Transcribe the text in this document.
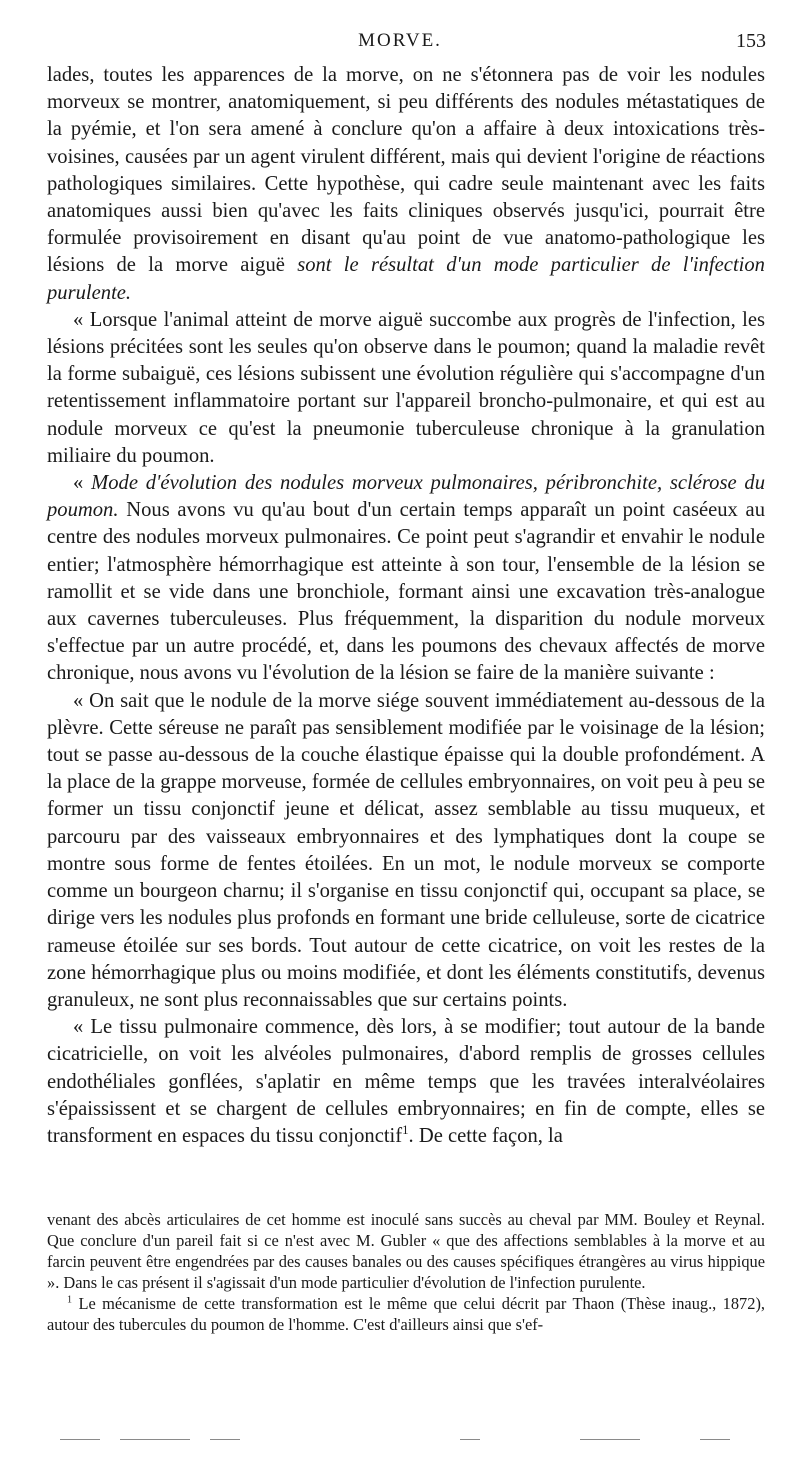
MORVE.	153

lades, toutes les apparences de la morve, on ne s'étonnera pas de voir les nodules morveux se montrer, anatomiquement, si peu différents des nodules métastatiques de la pyémie, et l'on sera amené à conclure qu'on a affaire à deux intoxications très-voisines, causées par un agent virulent différent, mais qui devient l'origine de réactions pathologiques similaires. Cette hypothèse, qui cadre seule maintenant avec les faits anatomiques aussi bien qu'avec les faits cliniques observés jusqu'ici, pourrait être formulée provisoirement en disant qu'au point de vue anatomo-pathologique les lésions de la morve aiguë sont le résultat d'un mode particulier de l'infection purulente.

« Lorsque l'animal atteint de morve aiguë succombe aux progrès de l'infection, les lésions précitées sont les seules qu'on observe dans le poumon; quand la maladie revêt la forme subaiguë, ces lésions subissent une évolution régulière qui s'accompagne d'un retentissement inflammatoire portant sur l'appareil broncho-pulmonaire, et qui est au nodule morveux ce qu'est la pneumonie tuberculeuse chronique à la granulation miliaire du poumon.

« Mode d'évolution des nodules morveux pulmonaires, péribronchite, sclérose du poumon. Nous avons vu qu'au bout d'un certain temps apparaît un point caséeux au centre des nodules morveux pulmonaires. Ce point peut s'agrandir et envahir le nodule entier; l'atmosphère hémorrhagique est atteinte à son tour, l'ensemble de la lésion se ramollit et se vide dans une bronchiole, formant ainsi une excavation très-analogue aux cavernes tuberculeuses. Plus fréquemment, la disparition du nodule morveux s'effectue par un autre procédé, et, dans les poumons des chevaux affectés de morve chronique, nous avons vu l'évolution de la lésion se faire de la manière suivante :

« On sait que le nodule de la morve siége souvent immédiatement au-dessous de la plèvre. Cette séreuse ne paraît pas sensiblement modifiée par le voisinage de la lésion; tout se passe au-dessous de la couche élastique épaisse qui la double profondément. A la place de la grappe morveuse, formée de cellules embryonnaires, on voit peu à peu se former un tissu conjonctif jeune et délicat, assez semblable au tissu muqueux, et parcouru par des vaisseaux embryonnaires et des lymphatiques dont la coupe se montre sous forme de fentes étoilées. En un mot, le nodule morveux se comporte comme un bourgeon charnu; il s'organise en tissu conjonctif qui, occupant sa place, se dirige vers les nodules plus profonds en formant une bride celluleuse, sorte de cicatrice rameuse étoilée sur ses bords. Tout autour de cette cicatrice, on voit les restes de la zone hémorrhagique plus ou moins modifiée, et dont les éléments constitutifs, devenus granuleux, ne sont plus reconnaissables que sur certains points.

« Le tissu pulmonaire commence, dès lors, à se modifier; tout autour de la bande cicatricielle, on voit les alvéoles pulmonaires, d'abord remplis de grosses cellules endothéliales gonflées, s'aplatir en même temps que les travées interalvéolaires s'épaississent et se chargent de cellules embryonnaires; en fin de compte, elles se transforment en espaces du tissu conjonctif$^1$. De cette façon, la

venant des abcès articulaires de cet homme est inoculé sans succès au cheval par MM. Bouley et Reynal. Que conclure d'un pareil fait si ce n'est avec M. Gubler « que des affections semblables à la morve et au farcin peuvent être engendrées par des causes banales ou des causes spécifiques étrangères au virus hippique ». Dans le cas présent il s'agissait d'un mode particulier d'évolution de l'infection purulente.

$^1$ Le mécanisme de cette transformation est le même que celui décrit par Thaon (Thèse inaug., 1872), autour des tubercules du poumon de l'homme. C'est d'ailleurs ainsi que s'ef-
